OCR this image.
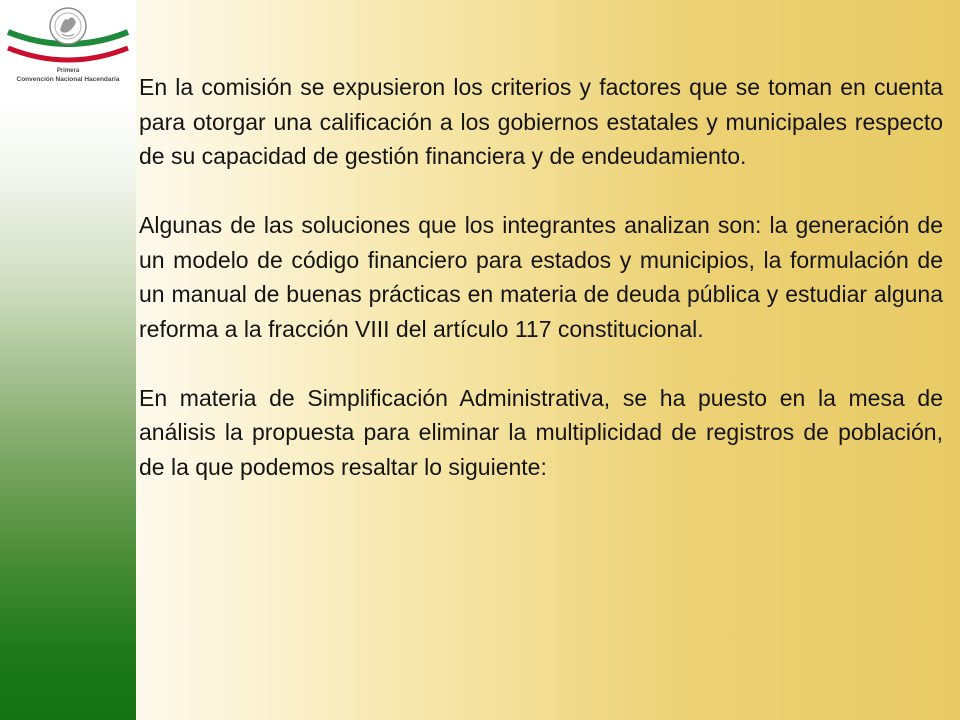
Primera
Convención Nacional Hacendaria En la comisión se expusieron los criterios y factores que se toman en cuenta para otorgar una calificación a los gobiernos estatales y municipales respecto de su capacidad de gestión financiera y de endeudamiento.

Algunas de las soluciones que los integrantes analizan son: la generación de un modelo de código financiero para estados y municipios, la formulación de un manual de buenas prácticas en materia de deuda pública y estudiar alguna reforma a la fracción VIII del artículo 117 constitucional.

En materia de Simplificación Administrativa, se ha puesto en la mesa de análisis la propuesta para eliminar la multiplicidad de registros de población, de la que podemos resaltar lo siguiente:
